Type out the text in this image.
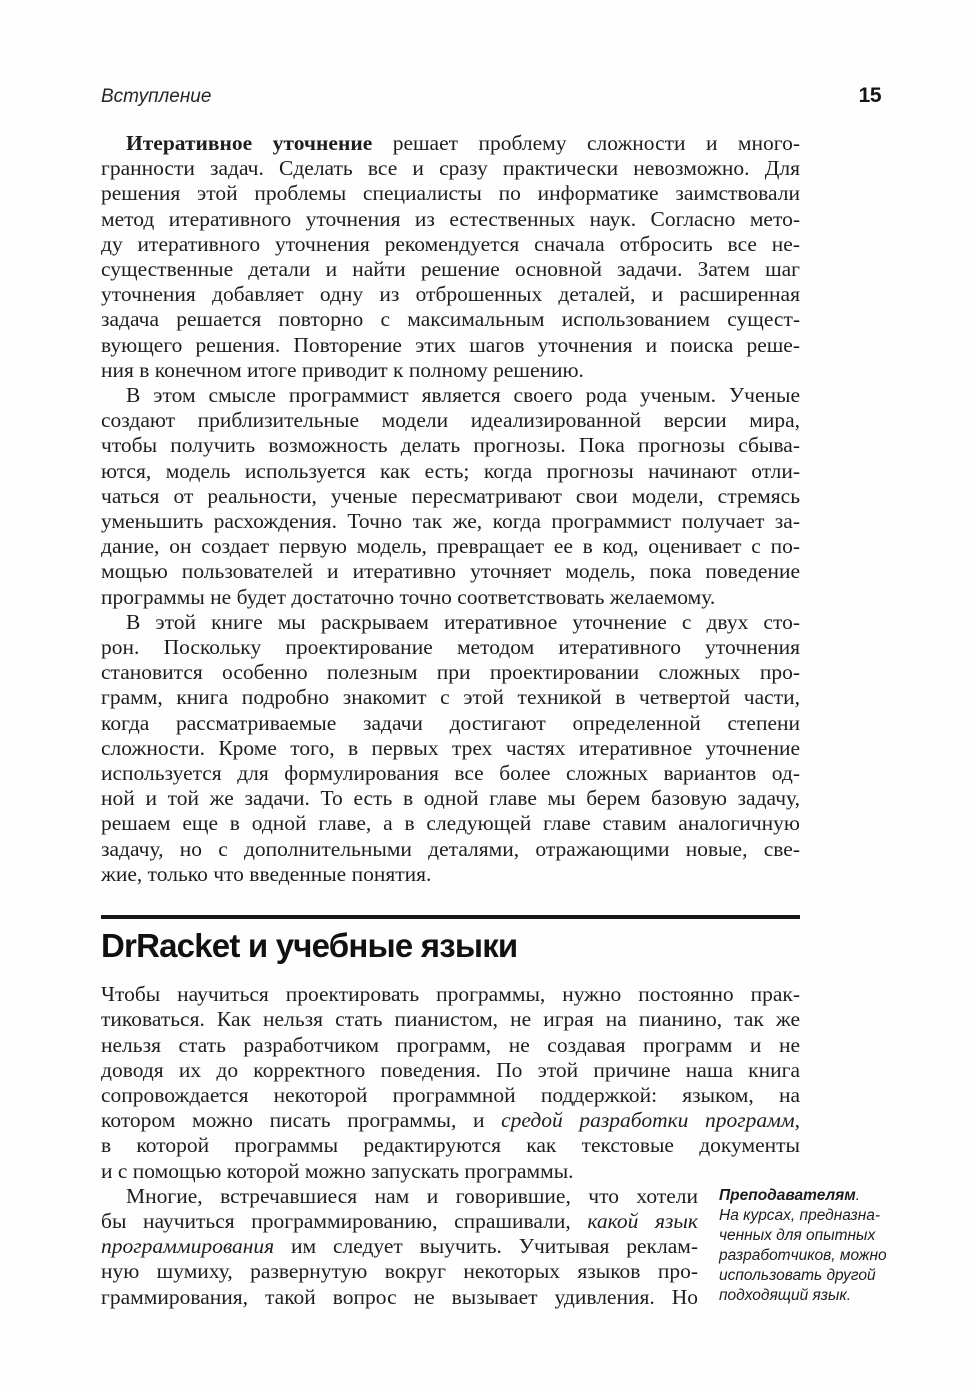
Вступление	15
Итеративное уточнение решает проблему сложности и много-
гранности задач. Сделать все и сразу практически невозможно. Для
решения этой проблемы специалисты по информатике заимствовали
метод итеративного уточнения из естественных наук. Согласно мето-
ду итеративного уточнения рекомендуется сначала отбросить все не-
существенные детали и найти решение основной задачи. Затем шаг
уточнения добавляет одну из отброшенных деталей, и расширенная
задача решается повторно с максимальным использованием сущест-
вующего решения. Повторение этих шагов уточнения и поиска реше-
ния в конечном итоге приводит к полному решению.
В этом смысле программист является своего рода ученым. Ученые
создают приблизительные модели идеализированной версии мира,
чтобы получить возможность делать прогнозы. Пока прогнозы сбыва-
ются, модель используется как есть; когда прогнозы начинают отли-
чаться от реальности, ученые пересматривают свои модели, стремясь
уменьшить расхождения. Точно так же, когда программист получает за-
дание, он создает первую модель, превращает ее в код, оценивает с по-
мощью пользователей и итеративно уточняет модель, пока поведение
программы не будет достаточно точно соответствовать желаемому.
В этой книге мы раскрываем итеративное уточнение с двух сто-
рон. Поскольку проектирование методом итеративного уточнения
становится особенно полезным при проектировании сложных про-
грамм, книга подробно знакомит с этой техникой в четвертой части,
когда рассматриваемые задачи достигают определенной степени
сложности. Кроме того, в первых трех частях итеративное уточнение
используется для формулирования все более сложных вариантов од-
ной и той же задачи. То есть в одной главе мы берем базовую задачу,
решаем еще в одной главе, а в следующей главе ставим аналогичную
задачу, но с дополнительными деталями, отражающими новые, све-
жие, только что введенные понятия.
DrRacket и учебные языки
Чтобы научиться проектировать программы, нужно постоянно прак-
тиковаться. Как нельзя стать пианистом, не играя на пианино, так же
нельзя стать разработчиком программ, не создавая программ и не
доводя их до корректного поведения. По этой причине наша книга
сопровождается некоторой программной поддержкой: языком, на
котором можно писать программы, и средой разработки программ,
в которой программы редактируются как текстовые документы
и с помощью которой можно запускать программы.
Многие, встречавшиеся нам и говорившие, что хотели
бы научиться программированию, спрашивали, какой язык
программирования им следует выучить. Учитывая реклам-
ную шумиху, развернутую вокруг некоторых языков про-
граммирования, такой вопрос не вызывает удивления. Но
Преподавателям.
На курсах, предназна-
ченных для опытных
разработчиков, можно
использовать другой
подходящий язык.
